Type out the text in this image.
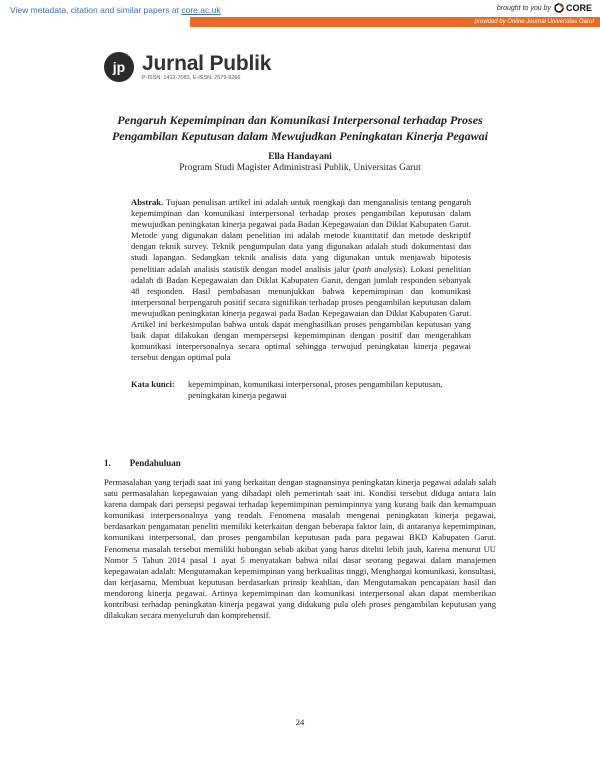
View metadata, citation and similar papers at core.ac.uk	brought to you by CORE
provided by Online Journal Universitas Garut
jp Jurnal Publik
P-ISSN: 1412-7083, E-ISSN: 2579-9266
Pengaruh Kepemimpinan dan Komunikasi Interpersonal terhadap Proses
Pengambilan Keputusan dalam Mewujudkan Peningkatan Kinerja Pegawai
Ella Handayani
Program Studi Magister Administrasi Publik, Universitas Garut
Abstrak. Tujuan penulisan artikel ini adalah untuk mengkaji dan menganalisis tentang pengaruh kepemimpinan dan komunikasi interpersonal terhadap proses pengambilan keputusan dalam mewujudkan peningkatan kinerja pegawai pada Badan Kepegawaian dan Diklat Kabupaten Garut. Metode yang digunakan dalam penelitian ini adalah metode kuantitatif dan metode deskriptif dengan teknik survey. Teknik pengumpulan data yang digunakan adalah studi dokumentasi dan studi lapangan. Sedangkan teknik analisis data yang digunakan untuk menjawab hipotesis penelitian adalah analisis statistik dengan model analisis jalur (path analysis). Lokasi penelitian adalah di Badan Kepegawaian dan Diklat Kabupaten Garut, dengan jumlah responden sebanyak 48 responden. Hasil pembahasan menunjukkan bahwa kepemimpinan dan komunikasi interpersonal berpengaruh positif secara signifikan terhadap proses pengambilan keputusan dalam mewujudkan peningkatan kinerja pegawai pada Badan Kepegawaian dan Diklat Kabupaten Garut. Artikel ini berkesimpulan bahwa untuk dapat menghasilkan proses pengambilan keputusan yang baik dapat dilakukan dengan mempersepsi kepemimpinan dengan positif dan mengerahkan komunikasi interpersonalnya secara optimal sehingga terwujud peningkatan kinerja pegawai tersebut dengan optimal pula
Kata kunci:	kepemimpinan, komunikasi interpersonal, proses pengambilan keputusan, peningkatan kinerja pegawai
1. Pendahuluan
Permasalahan yang terjadi saat ini yang berkaitan dengan stagnansinya peningkatan kinerja pegawai adalah salah satu permasalahan kepegawaian yang dihadapi oleh pemerintah saat ini. Kondisi tersebut diduga antara lain karena dampak dari persepsi pegawai terhadap kepemimpinan pemimpinnya yang kurang baik dan kemampuan komunikasi interpersonalnya yang rendah. Fenomena masalah mengenai peningkatan kinerja pegawai, berdasarkan pengamatan peneliti memiliki keterkaitan dengan beberapa faktor lain, di antaranya kepemimpinan, komunikasi interpersonal, dan proses pengambilan keputusan pada para pegawai BKD Kabupaten Garut. Fenomena masalah tersebut memiliki hubungan sebab akibat yang harus diteliti lebih jauh, karena menurut UU Nomor 5 Tahun 2014 pasal 1 ayat 5 menyatakan bahwa nilai dasar seorang pegawai dalam manajemen kepegawaian adalah: Mengutamakan kepemimpinan yang berkualitas tinggi, Menghargai komunikasi, konsultasi, dan kerjasama, Membuat keputusan berdasarkan prinsip keahlian, dan Mengutamakan pencapaian hasil dan mendorong kinerja pegawai. Artinya kepemimpinan dan komunikasi interpersonal akan dapat memberikan kontribusi terhadap peningkatan kinerja pegawai yang didukung pula oleh proses pengambilan keputusan yang dilakukan secara menyeluruh dan komprehensif.
24
